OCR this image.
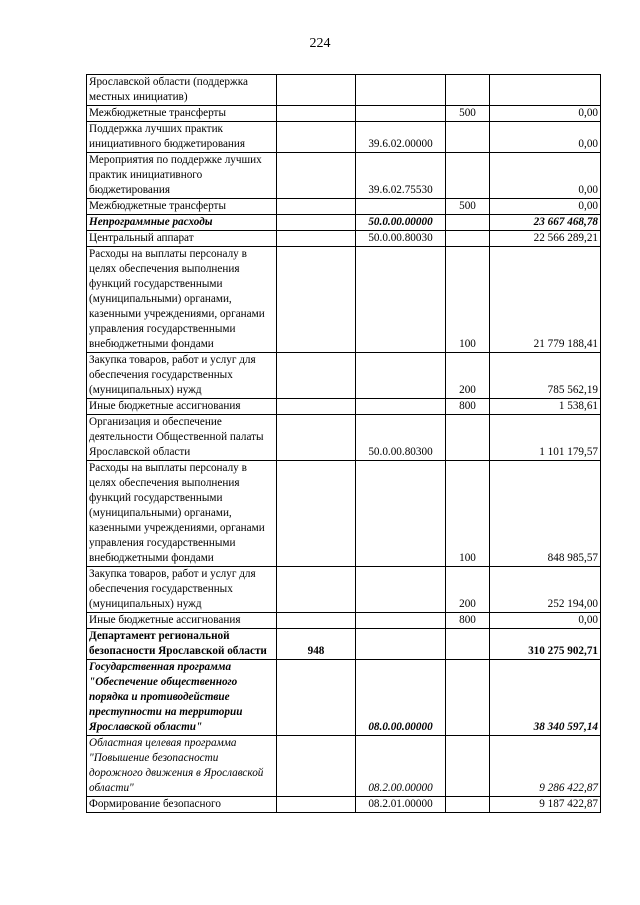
224
Ярославской области (поддержка местных инициатив)				
Межбюджетные трансферты			500	0,00
Поддержка лучших практик инициативного бюджетирования		39.6.02.00000		0,00
Мероприятия по поддержке лучших практик инициативного бюджетирования		39.6.02.75530		0,00
Межбюджетные трансферты			500	0,00
Непрограммные расходы		50.0.00.00000		23 667 468,78
Центральный аппарат		50.0.00.80030		22 566 289,21
Расходы на выплаты персоналу в целях обеспечения выполнения функций государственными (муниципальными) органами, казенными учреждениями, органами управления государственными внебюджетными фондами			100	21 779 188,41
Закупка товаров, работ и услуг для обеспечения государственных (муниципальных) нужд			200	785 562,19
Иные бюджетные ассигнования			800	1 538,61
Организация и обеспечение деятельности Общественной палаты Ярославской области		50.0.00.80300		1 101 179,57
Расходы на выплаты персоналу в целях обеспечения выполнения функций государственными (муниципальными) органами, казенными учреждениями, органами управления государственными внебюджетными фондами			100	848 985,57
Закупка товаров, работ и услуг для обеспечения государственных (муниципальных) нужд			200	252 194,00
Иные бюджетные ассигнования			800	0,00
Департамент региональной безопасности Ярославской области	948			310 275 902,71
Государственная программа "Обеспечение общественного порядка и противодействие преступности на территории Ярославской области"		08.0.00.00000		38 340 597,14
Областная целевая программа "Повышение безопасности дорожного движения в Ярославской области"		08.2.00.00000		9 286 422,87
Формирование безопасного		08.2.01.00000		9 187 422,87
